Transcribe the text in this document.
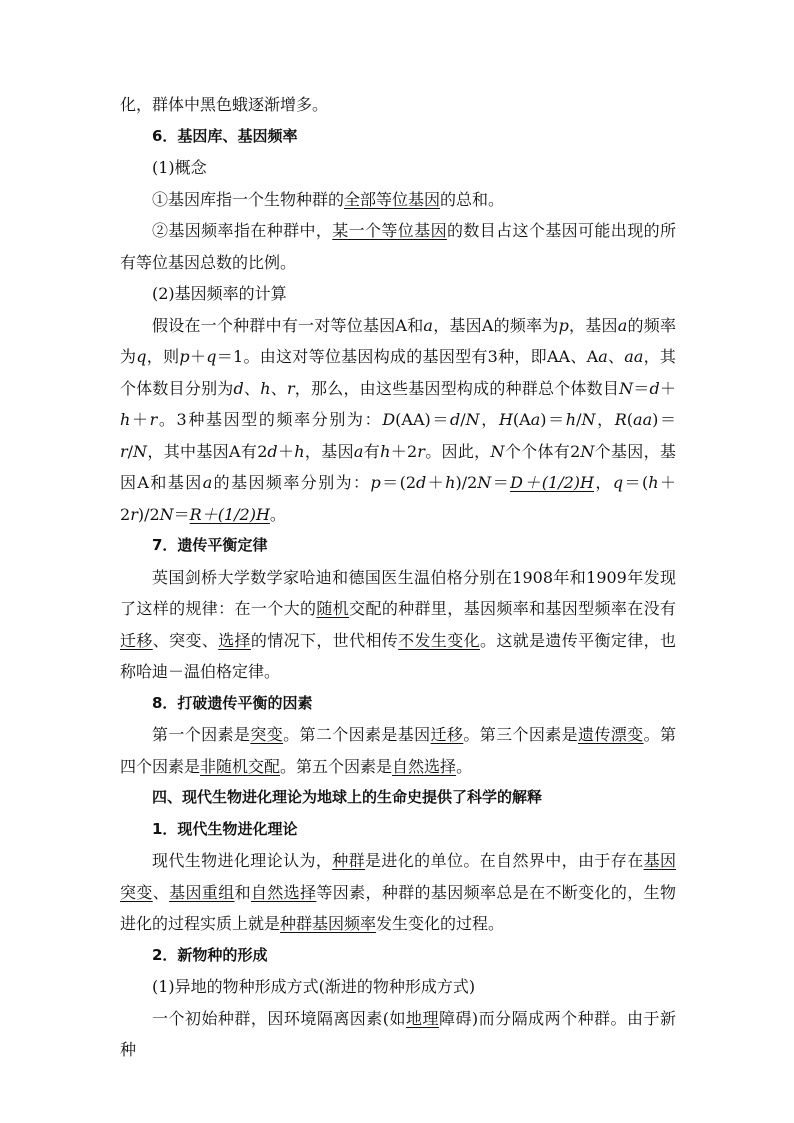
化，群体中黑色蛾逐渐增多。

6．基因库、基因频率

(1)概念

①基因库指一个生物种群的全部等位基因的总和。

②基因频率指在种群中，某一个等位基因的数目占这个基因可能出现的所有等位基因总数的比例。

(2)基因频率的计算

假设在一个种群中有一对等位基因A和a，基因A的频率为p，基因a的频率为q，则p＋q＝1。由这对等位基因构成的基因型有3种，即AA、Aa、aa，其个体数目分别为d、h、r，那么，由这些基因型构成的种群总个体数目N＝d＋h＋r。3种基因型的频率分别为：D(AA)＝d/N，H(Aa)＝h/N，R(aa)＝r/N，其中基因A有2d＋h，基因a有h＋2r。因此，N个个体有2N个基因，基因A和基因a的基因频率分别为：p＝(2d＋h)/2N＝D＋(1/2)H，q＝(h＋2r)/2N＝R＋(1/2)H。

7．遗传平衡定律

英国剑桥大学数学家哈迪和德国医生温伯格分别在1908年和1909年发现了这样的规律：在一个大的随机交配的种群里，基因频率和基因型频率在没有迁移、突变、选择的情况下，世代相传不发生变化。这就是遗传平衡定律，也称哈迪－温伯格定律。

8．打破遗传平衡的因素

第一个因素是突变。第二个因素是基因迁移。第三个因素是遗传漂变。第四个因素是非随机交配。第五个因素是自然选择。

四、现代生物进化理论为地球上的生命史提供了科学的解释

1．现代生物进化理论

现代生物进化理论认为，种群是进化的单位。在自然界中，由于存在基因突变、基因重组和自然选择等因素，种群的基因频率总是在不断变化的，生物进化的过程实质上就是种群基因频率发生变化的过程。

2．新物种的形成

(1)异地的物种形成方式(渐进的物种形成方式)

一个初始种群，因环境隔离因素(如地理障碍)而分隔成两个种群。由于新种
